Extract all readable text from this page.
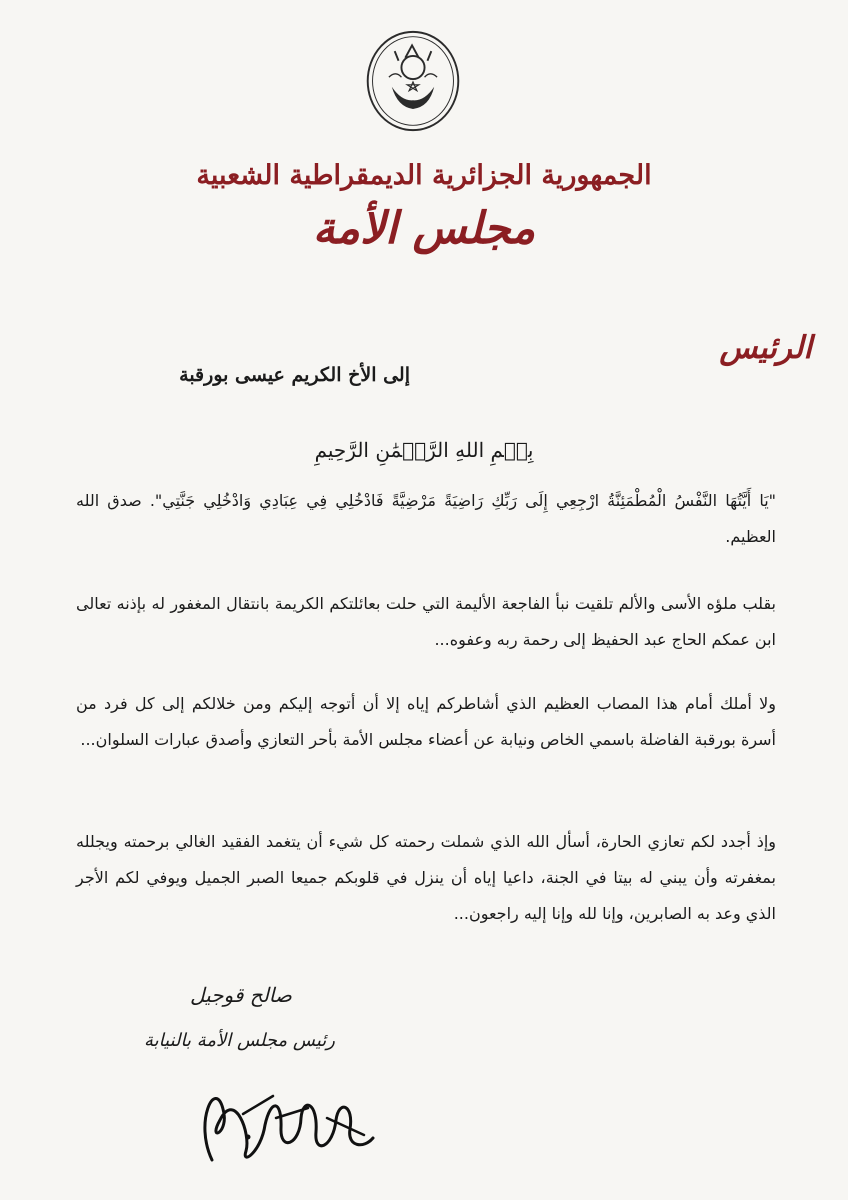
الجمهورية الجزائرية الديمقراطية الشعبية
مجلس الأمة
الرئيس
إلى الأخ الكريم عيسى بورقبة
بِسۡمِ اللهِ الرَّحۡمَٰنِ الرَّحِيمِ

"يَا أَيَّتُهَا النَّفْسُ الْمُطْمَئِنَّةُ ارْجِعِي إِلَى رَبِّكِ رَاضِيَةً مَرْضِيَّةً فَادْخُلِي فِي عِبَادِي وَادْخُلِي جَنَّتِي". صدق الله العظيم.

بقلب ملؤه الأسى والألم تلقيت نبأ الفاجعة الأليمة التي حلت بعائلتكم الكريمة بانتقال المغفور له بإذنه تعالى ابن عمكم الحاج عبد الحفيظ إلى رحمة ربه وعفوه...

ولا أملك أمام هذا المصاب العظيم الذي أشاطركم إياه إلا أن أتوجه إليكم ومن خلالكم إلى كل فرد من أسرة بورقبة الفاضلة باسمي الخاص ونيابة عن أعضاء مجلس الأمة بأحر التعازي وأصدق عبارات السلوان...

وإذ أجدد لكم تعازي الحارة، أسأل الله الذي شملت رحمته كل شيء أن يتغمد الفقيد الغالي برحمته ويجلله بمغفرته وأن يبني له بيتا في الجنة، داعيا إياه أن ينزل في قلوبكم جميعا الصبر الجميل ويوفي لكم الأجر الذي وعد به الصابرين، وإنا لله وإنا إليه راجعون...

صالح قوجيل
رئيس مجلس الأمة بالنيابة
